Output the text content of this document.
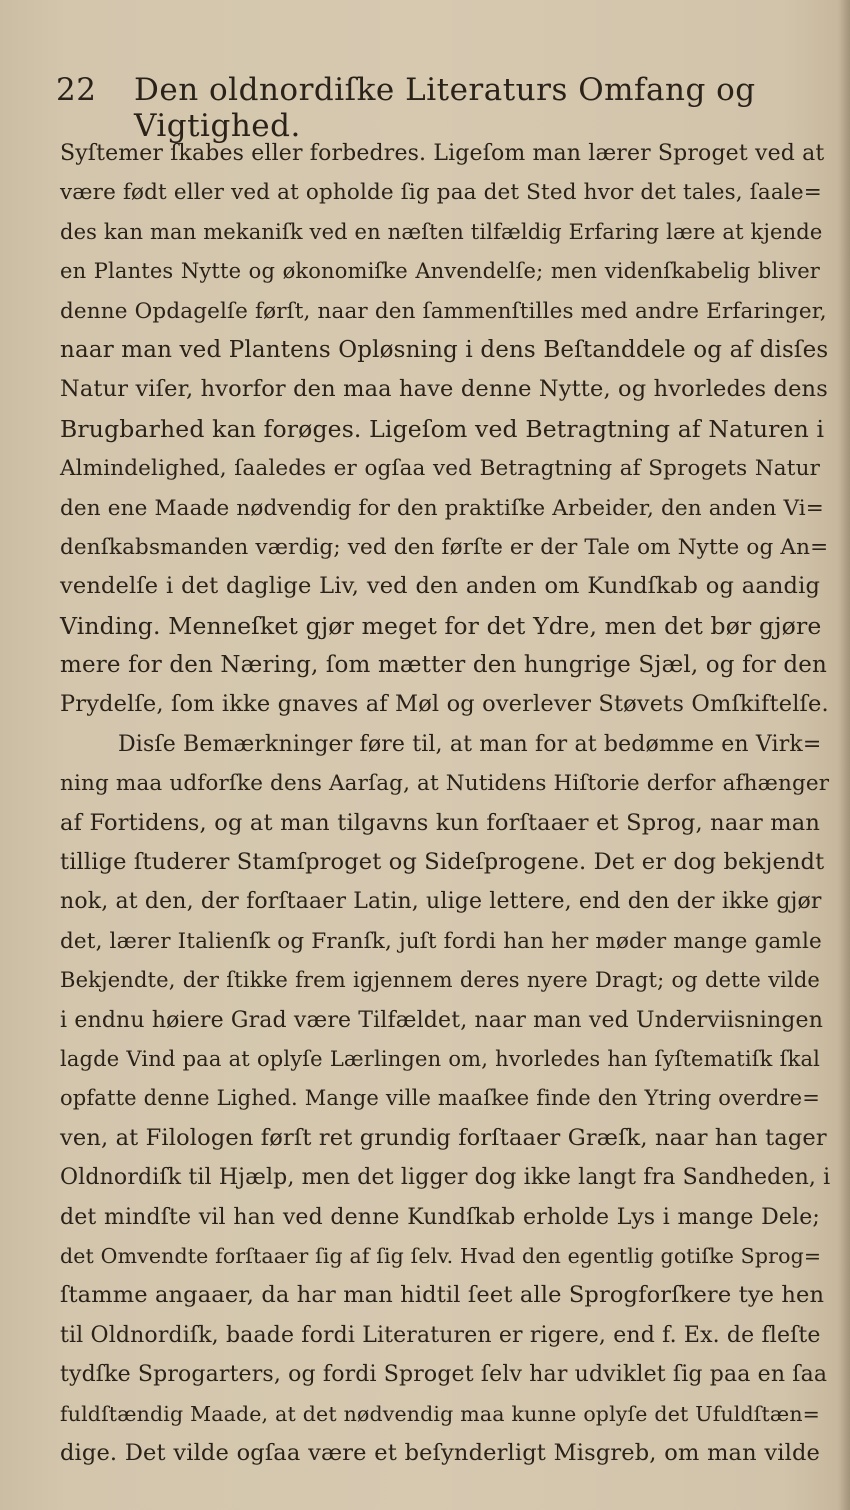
22	Den oldnordiſke Literaturs Omfang og Vigtighed.
Syſtemer ſkabes eller forbedres. Ligeſom man lærer Sproget ved at
være født eller ved at opholde ſig paa det Sted hvor det tales, ſaale=
des kan man mekaniſk ved en næſten tilfældig Erfaring lære at kjende
en Plantes Nytte og økonomiſke Anvendelſe; men videnſkabelig bliver
denne Opdagelſe førſt, naar den ſammenſtilles med andre Erfaringer,
naar man ved Plantens Opløsning i dens Beſtanddele og af disſes
Natur viſer, hvorfor den maa have denne Nytte, og hvorledes dens
Brugbarhed kan forøges. Ligeſom ved Betragtning af Naturen i
Almindelighed, ſaaledes er ogſaa ved Betragtning af Sprogets Natur
den ene Maade nødvendig for den praktiſke Arbeider, den anden Vi=
denſkabsmanden værdig; ved den førſte er der Tale om Nytte og An=
vendelſe i det daglige Liv, ved den anden om Kundſkab og aandig
Vinding. Menneſket gjør meget for det Ydre, men det bør gjøre
mere for den Næring, ſom mætter den hungrige Sjæl, og for den
Prydelſe, ſom ikke gnaves af Møl og overlever Støvets Omſkiftelſe.
Disſe Bemærkninger føre til, at man for at bedømme en Virk=
ning maa udforſke dens Aarſag, at Nutidens Hiſtorie derfor afhænger
af Fortidens, og at man tilgavns kun forſtaaer et Sprog, naar man
tillige ſtuderer Stamſproget og Sideſprogene. Det er dog bekjendt
nok, at den, der forſtaaer Latin, ulige lettere, end den der ikke gjør
det, lærer Italienſk og Franſk, juſt fordi han her møder mange gamle
Bekjendte, der ſtikke frem igjennem deres nyere Dragt; og dette vilde
i endnu høiere Grad være Tilfældet, naar man ved Underviisningen
lagde Vind paa at oplyſe Lærlingen om, hvorledes han ſyſtematiſk ſkal
opfatte denne Lighed. Mange ville maaſkee finde den Ytring overdre=
ven, at Filologen førſt ret grundig forſtaaer Græſk, naar han tager
Oldnordiſk til Hjælp, men det ligger dog ikke langt fra Sandheden, i
det mindſte vil han ved denne Kundſkab erholde Lys i mange Dele;
det Omvendte forſtaaer ſig af ſig ſelv. Hvad den egentlig gotiſke Sprog=
ſtamme angaaer, da har man hidtil ſeet alle Sprogforſkere tye hen
til Oldnordiſk, baade fordi Literaturen er rigere, end f. Ex. de fleſte
tydſke Sprogarters, og fordi Sproget ſelv har udviklet ſig paa en ſaa
fuldſtændig Maade, at det nødvendig maa kunne oplyſe det Ufuldſtæn=
dige. Det vilde ogſaa være et beſynderligt Misgreb, om man vilde
